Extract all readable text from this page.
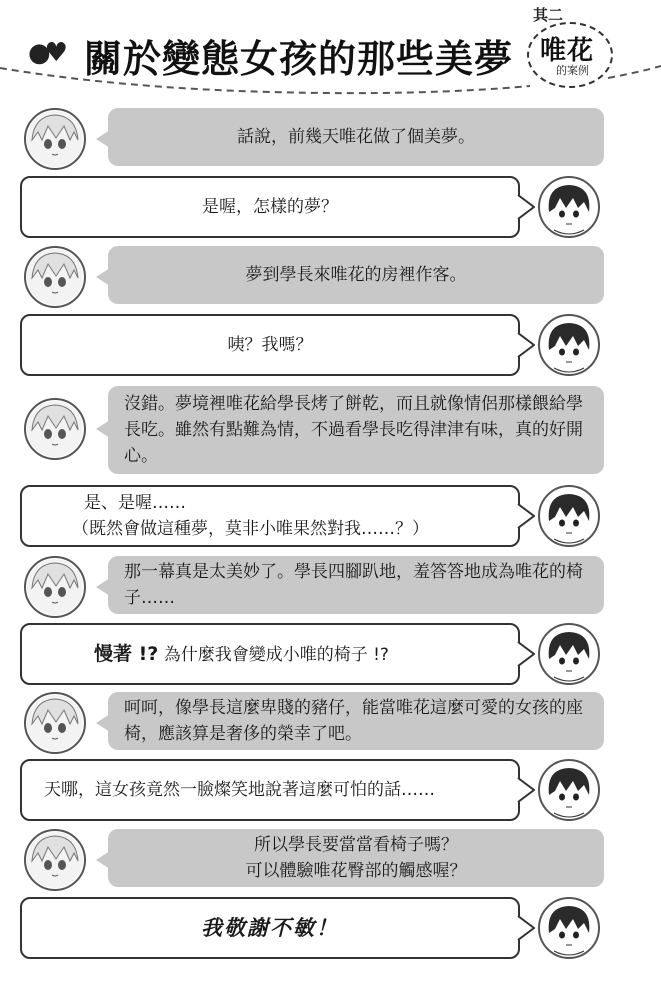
●♥ 關於變態女孩的那些美夢
其二
唯花
的案例
話說，前幾天唯花做了個美夢。
是喔，怎樣的夢？
夢到學長來唯花的房裡作客。
咦？我嗎？
沒錯。夢境裡唯花給學長烤了餅乾，而且就像情侶那樣餵給學
長吃。雖然有點難為情，不過看學長吃得津津有味，真的好開
心。
是、是喔……
（既然會做這種夢，莫非小唯果然對我……？）
那一幕真是太美妙了。學長四腳趴地，羞答答地成為唯花的椅
子……
慢著 !? 為什麼我會變成小唯的椅子 !?
呵呵，像學長這麼卑賤的豬仔，能當唯花這麼可愛的女孩的座
椅，應該算是奢侈的榮幸了吧。
天哪，這女孩竟然一臉燦笑地說著這麼可怕的話……
所以學長要當當看椅子嗎？
可以體驗唯花臀部的觸感喔？
我敬謝不敏！
